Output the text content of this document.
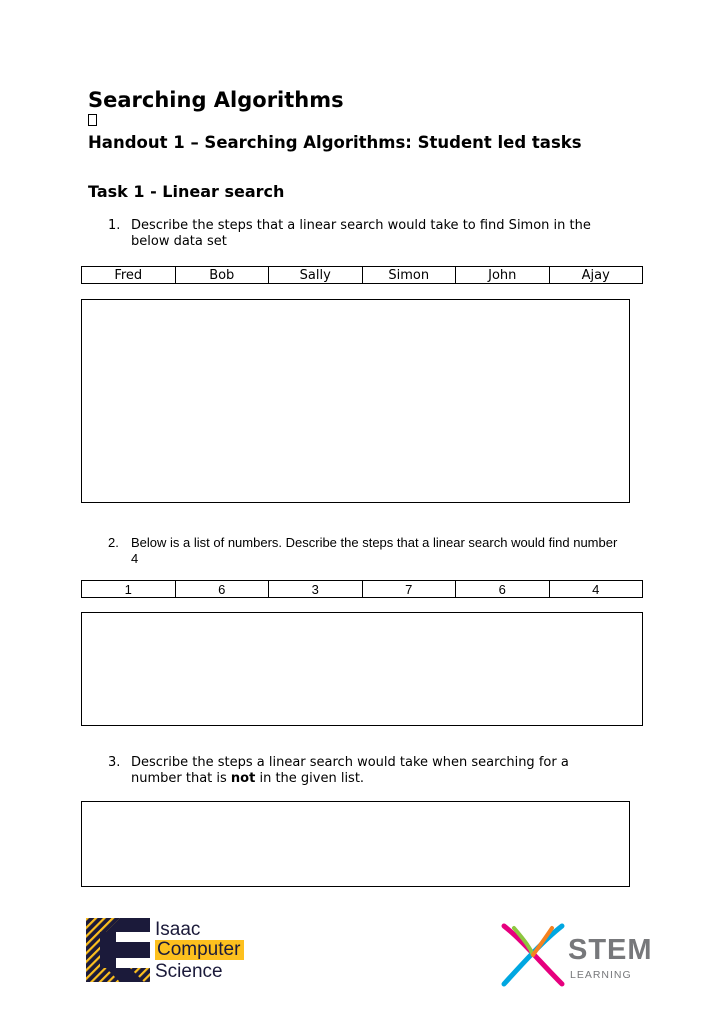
Searching Algorithms
Handout 1 – Searching Algorithms: Student led tasks
Task 1 - Linear search
1. Describe the steps that a linear search would take to find Simon in the
below data set
Fred	Bob	Sally	Simon	John	Ajay
2. Below is a list of numbers. Describe the steps that a linear search would find number
4
1	6	3	7	6	4
3. Describe the steps a linear search would take when searching for a
number that is not in the given list.
Isaac
Computer
Science
STEM
LEARNING
